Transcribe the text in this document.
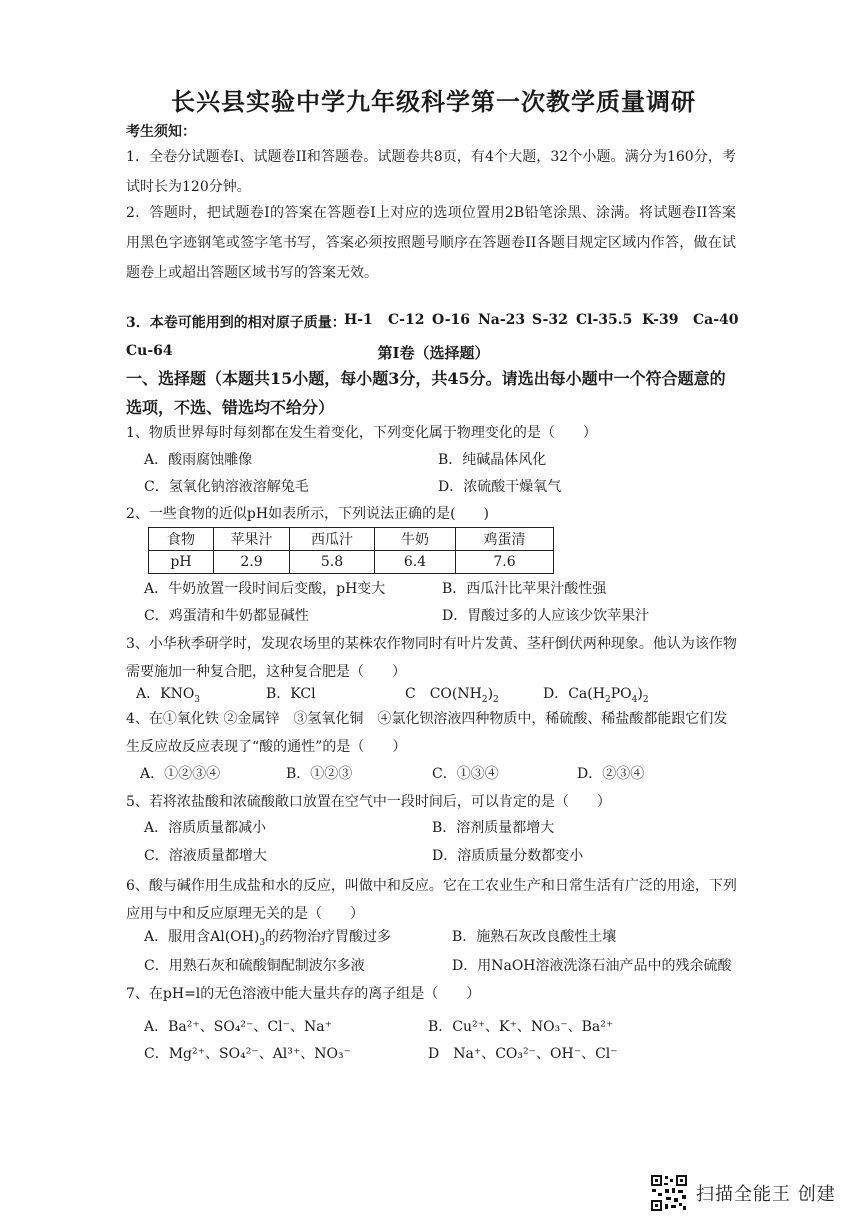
长兴县实验中学九年级科学第一次教学质量调研
考生须知：
1．全卷分试题卷I、试题卷II和答题卷。试题卷共8页，有4个大题，32个小题。满分为160分，考试时长为120分钟。
2．答题时，把试题卷I的答案在答题卷I上对应的选项位置用2B铅笔涂黑、涂满。将试题卷II答案用黑色字迹钢笔或签字笔书写，答案必须按照题号顺序在答题卷II各题目规定区域内作答，做在试题卷上或超出答题区域书写的答案无效。
3．本卷可能用到的相对原子质量：
H-1 C-12 O-16 Na-23 S-32 Cl-35.5 K-39 Ca-40
Cu-64	第I卷（选择题）
一、选择题（本题共15小题，每小题3分，共45分。请选出每小题中一个符合题意的选项，不选、错选均不给分）
1、物质世界每时每刻都在发生着变化，下列变化属于物理变化的是（　　）
A．酸雨腐蚀雕像	B．纯碱晶体风化
C．氢氧化钠溶液溶解兔毛	D．浓硫酸干燥氧气
2、一些食物的近似pH如表所示，下列说法正确的是(　　)
食物	苹果汁	西瓜汁	牛奶	鸡蛋清
pH	2.9	5.8	6.4	7.6
A．牛奶放置一段时间后变酸，pH变大	B．西瓜汁比苹果汁酸性强
C．鸡蛋清和牛奶都显碱性	D．胃酸过多的人应该少饮苹果汁
3、小华秋季研学时，发现农场里的某株农作物同时有叶片发黄、茎秆倒伏两种现象。他认为该作物需要施加一种复合肥，这种复合肥是（　　）
A．$KNO_3$	B．KCl	C　$CO(NH_2)_2$	D．$Ca(H_2PO_4)_2$
4、在①氧化铁 ②金属锌　③氢氧化铜　④氯化钡溶液四种物质中，稀硫酸、稀盐酸都能跟它们发生反应故反应表现了“酸的通性”的是（　　）
A．①②③④	B．①②③	C．①③④	D．②③④
5、若将浓盐酸和浓硫酸敞口放置在空气中一段时间后，可以肯定的是（　　）
A．溶质质量都减小	B．溶剂质量都增大
C．溶液质量都增大	D．溶质质量分数都变小
6、酸与碱作用生成盐和水的反应，叫做中和反应。它在工农业生产和日常生活有广泛的用途，下列应用与中和反应原理无关的是（　　）
A．服用含$Al(OH)_3$的药物治疗胃酸过多	B．施熟石灰改良酸性土壤
C．用熟石灰和硫酸铜配制波尔多液	D．用NaOH溶液洗涤石油产品中的残余硫酸
7、在pH=l的无色溶液中能大量共存的离子组是（　　）
A．Ba²⁺、SO₄²⁻、Cl⁻、Na⁺	B．Cu²⁺、K⁺、NO₃⁻、Ba²⁺
C．Mg²⁺、SO₄²⁻、Al³⁺、NO₃⁻	D　Na⁺、CO₃²⁻、OH⁻、Cl⁻
扫描全能王 创建
